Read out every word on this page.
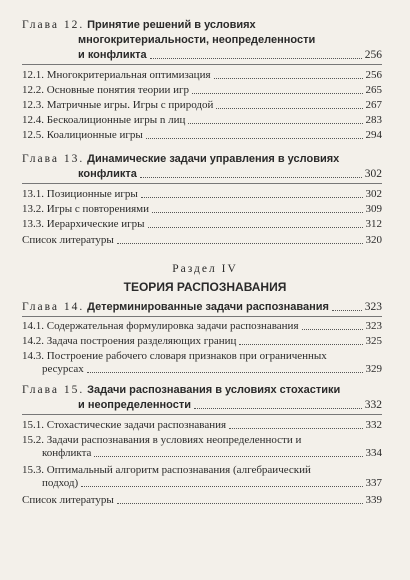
Глава 12. Принятие решений в условиях
многокритериальности, неопределенности
и конфликта	256
12.1. Многокритериальная оптимизация	256
12.2. Основные понятия теории игр	265
12.3. Матричные игры. Игры с природой	267
12.4. Бескоалиционные игры n лиц	283
12.5. Коалиционные игры	294
Глава 13. Динамические задачи управления в условиях
конфликта	302
13.1. Позиционные игры	302
13.2. Игры с повторениями	309
13.3. Иерархические игры	312
Список литературы	320
Раздел IV
ТЕОРИЯ РАСПОЗНАВАНИЯ
Глава 14.
Детерминированные задачи распознавания	323
14.1. Содержательная формулировка задачи распознавания	323
14.2. Задача построения разделяющих границ	325
14.3. Построение рабочего словаря признаков при ограниченных
ресурсах	329
Глава 15. Задачи распознавания в условиях стохастики
и неопределенности	332
15.1. Стохастические задачи распознавания	332
15.2. Задачи распознавания в условиях неопределенности и
конфликта	334
15.3. Оптимальный алгоритм распознавания (алгебраический
подход)	337
Список литературы	339
